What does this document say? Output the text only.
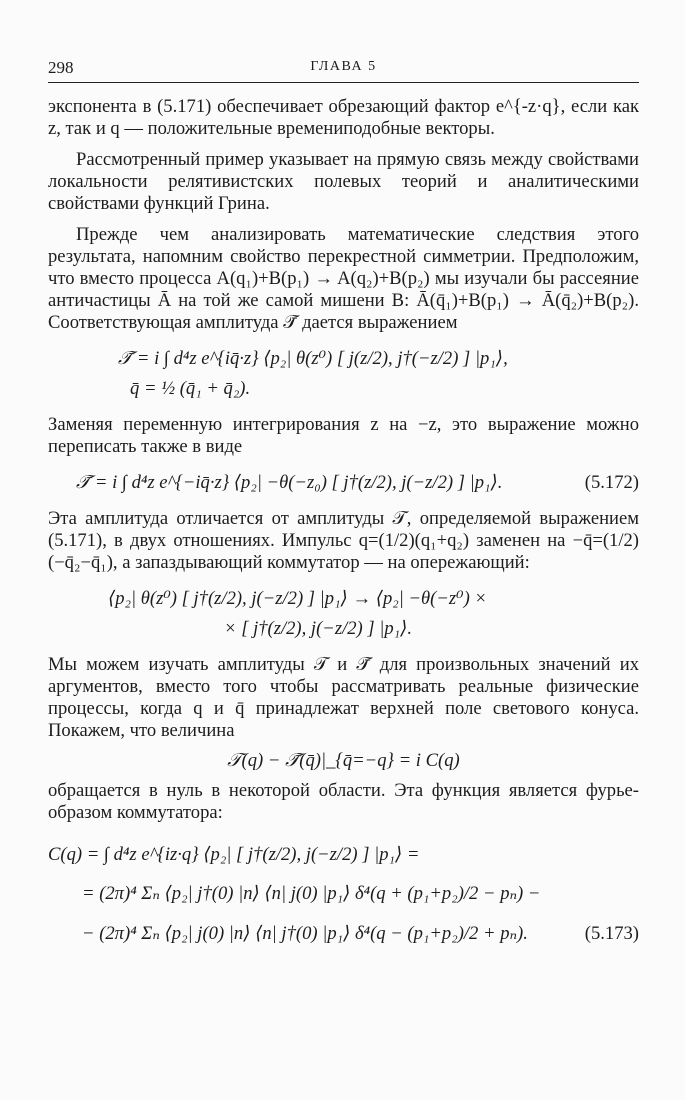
298	ГЛАВА 5

экспонента в (5.171) обеспечивает обрезающий фактор e^{-z·q}, если как z, так и q — положительные времениподобные векторы.

Рассмотренный пример указывает на прямую связь между свойствами локальности релятивистских полевых теорий и аналитическими свойствами функций Грина.

Прежде чем анализировать математические следствия этого результата, напомним свойство перекрестной симметрии. Предположим, что вместо процесса A(q₁)+B(p₁) → A(q₂)+B(p₂) мы изучали бы рассеяние античастицы Ā на той же самой мишени B: Ā(q̄₁)+B(p₁) → Ā(q̄₂)+B(p₂). Соответствующая амплитуда 𝒯̄ дается выражением

𝒯̄ = i ∫ d⁴z e^{iq̄·z} ⟨p₂| θ(z⁰) [ j(z/2), j†(−z/2) ] |p₁⟩,
q̄ = ½ (q̄₁ + q̄₂).

Заменяя переменную интегрирования z на −z, это выражение можно переписать также в виде

𝒯̄ = i ∫ d⁴z e^{−iq̄·z} ⟨p₂| −θ(−z₀) [ j†(z/2), j(−z/2) ] |p₁⟩.	(5.172)

Эта амплитуда отличается от амплитуды 𝒯, определяемой выражением (5.171), в двух отношениях. Импульс q=(1/2)(q₁+q₂) заменен на −q̄=(1/2)(−q̄₂−q̄₁), а запаздывающий коммутатор — на опережающий:

⟨p₂| θ(z⁰) [ j†(z/2), j(−z/2) ] |p₁⟩ → ⟨p₂| −θ(−z⁰) ×
× [ j†(z/2), j(−z/2) ] |p₁⟩.

Мы можем изучать амплитуды 𝒯 и 𝒯̄ для произвольных значений их аргументов, вместо того чтобы рассматривать реальные физические процессы, когда q и q̄ принадлежат верхней поле светового конуса. Покажем, что величина

𝒯(q) − 𝒯̄(q̄)|_{q̄=−q} = i C(q)

обращается в нуль в некоторой области. Эта функция является фурье-образом коммутатора:

C(q) = ∫ d⁴z e^{iz·q} ⟨p₂| [ j†(z/2), j(−z/2) ] |p₁⟩ =
= (2π)⁴ Σₙ ⟨p₂| j†(0) |n⟩ ⟨n| j(0) |p₁⟩ δ⁴(q + (p₁+p₂)/2 − pₙ) −
− (2π)⁴ Σₙ ⟨p₂| j(0) |n⟩ ⟨n| j†(0) |p₁⟩ δ⁴(q − (p₁+p₂)/2 + pₙ).	(5.173)
